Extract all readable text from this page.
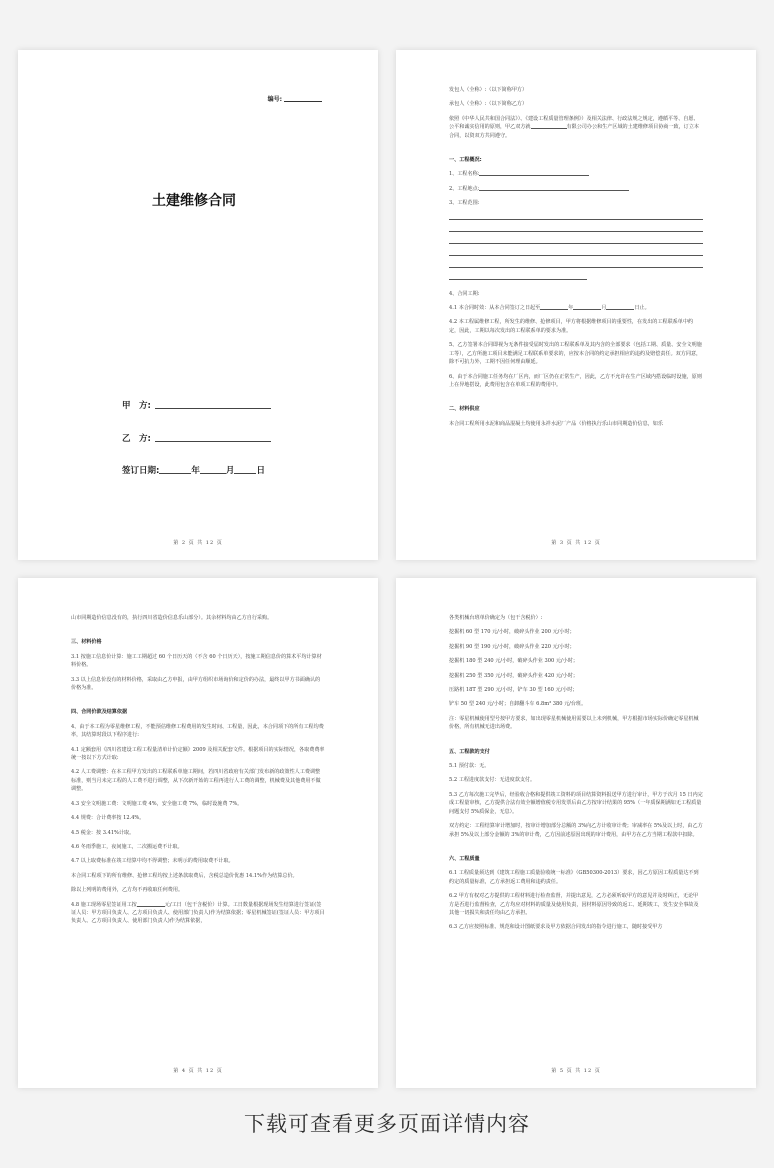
编号:
土建维修合同
甲　方:
乙　方:
签订日期:	年	月	日
第 2 页 共 12 页

发包人（全称）:（以下简称甲方）

承包人（全称）:（以下简称乙方）

依照《中华人民共和国合同法》）、《建设工程质量管理条例》）及相关法律、行政法规之规定，遵循平等、自愿、公平和诚实信用的原则，甲乙双方就	有限公司办公和生产区域的土建维修项目协商一致，订立本合同，以资双方共同遵守。

一、工程概况:

1、工程名称:

2、工程地点:

3、工程范围:

4、合同工期:

4.1 本合同时效：从本合同签订之日起至	年	月	日止。

4.2 本工程属维修工程，所发生的维修、抢修项目，甲方将根据维修项目的重要性，在发出的工程联系单中约定，因此，工期以每次发出的工程联系单的要求为准。

5、乙方签署本合同即视为无条件接受届时发出的工程联系单及其内含的全部要求（包括工期、质量、安全文明施工等），乙方所施工项目未能满足工程联系单要求的，应按本合同的约定承担相应的违约及赔偿责任。双方同意，除不可抗力外，工期不因任何理由顺延。

6、由于本合同施工任务均在厂区内，而厂区仍在正常生产，因此，乙方不允许在生产区域内搭设临时设施，原则上在异地搭设，此费用包含在单项工程的费用中。

二、材料供应

本合同工程所用水泥和商品混凝土均使用永祥水泥厂产品（价格执行乐山市同期造价信息，如乐

第 3 页 共 12 页

山市同期造价信息没有的，执行四川省造价信息乐山部分）。其余材料均由乙方自行采购。

三、材料价格

3.1 按施工信息价计算：施工工期超过 60 个日历天的（不含 60 个日历天），按施工期信息价的算术平均计算材料价格。

3.3 以上信息价没有的材料价格，采取由乙方申报，由甲方组织市场询价和定价的办法，最终以甲方书面确认的价格为准。

四、合同价款及结算依据

4、由于本工程为零星维修工程，不能预估维修工程费用的发生时间、工程量，因此，本合同项下的所有工程均费率，其结算时段以下程序进行:

4.1 定额套用《四川省建设工程工程量清单计价定额》2009 及相关配套文件。根据项目的实际情况，各取费费率统一按以下方式计取:

4.2 人工费调整：在本工程甲方发出的工程联系单施工期间，若四川省政府有关部门发布新的政策性人工费调整标准，则当月未完工程的人工费不进行调整，从下次新开始的工程再进行人工费的调整，机械费及其他费用不做调整。

4.3 安全文明施工费：文明施工费 4%，安全施工费 7%，临时设施费 7%。

4.4 规费：合计费率按 12.4%。

4.5 税金：按 3.41%计取。

4.6 冬雨季施工，夜间施工，二次搬运费不计取。

4.7 以上取费标准在竣工结算中均不得调整；未明示的费用取费不计取。

本合同工程项下的所有维修、抢修工程均按上述条款取费后，含税总造价优惠 14.1%作为结算总价。

除以上列明的费用外，乙方均不再收取任何费用。

4.8 施工现场零星签证用工按	元/工日（包干含税价）计算。工日数量根据现场发生结算进行签证(签证人员：甲方项目负责人、乙方项目负责人、使用部门负责人)作为结算依据；零星机械签证(签证人员：甲方项目负责人、乙方项目负责人、使用部门负责人)作为结算依据，

第 4 页 共 12 页

各类机械台班单价确定为（包干含税价）:

挖掘机 60 型 170 元/小时，破碎头作业 200 元/小时；

挖掘机 90 型 190 元/小时，破碎头作业 220 元/小时；

挖掘机 180 型 240 元/小时，破碎头作业 300 元/小时；

挖掘机 250 型 350 元/小时，破碎头作业 420 元/小时；

压路机 18T 型 290 元/小时，铲车 30 型 160 元/小时；

铲车 50 型 240 元/小时；自卸翻斗车 6.8m³ 380 元/台班。

注：零星机械使用型号按甲方要求，如出现零星机械使用需要以上未列机械，甲方根据市场实际价确定零星机械价格，所有机械无进出场费。

五、工程款的支付

5.1 预付款：无。

5.2 工程进度款支付：无进度款支付。

5.3 乙方每次施工完毕后，经验收合格和提供竣工资料的项目结算资料报送甲方进行审计，甲方于次月 15 日内完成工程量审核，乙方提供合法有效全额增值税专用发票后由乙方按审计结果的 95%（一年质保期满如无工程质量问题支付 5%质保金，无息）。

双方约定：工程结算审计增加时，按审计增加部分总额的 3%向乙方计收审计费；审减率在 5%及以上时，由乙方承担 5%及以上部分金额的 3%的审计费，乙方因前述原因出现的审计费用，由甲方在乙方当期工程款中扣除。

六、工程质量

6.1 工程质量须达到《建筑工程施工质量验收统一标准》（GB50300-2013）要求，因乙方原因工程质量达不到约定的质量标准，乙方承担返工费用和违约责任。

6.2 甲方有权对乙方提供的工程材料进行检查监督，并提出意见，乙方必须听取甲方的意见并及时纠正，无论甲方是否进行监督检查，乙方均应对材料的质量及使用负责，因材料原因导致的返工、延期竣工，发生安全事故及其他一切损失和责任均由乙方承担。

6.3 乙方应按照标准、规范和设计图纸要求及甲方依据合同发出的指令进行施工，随时接受甲方

第 5 页 共 12 页
下载可查看更多页面详情内容
